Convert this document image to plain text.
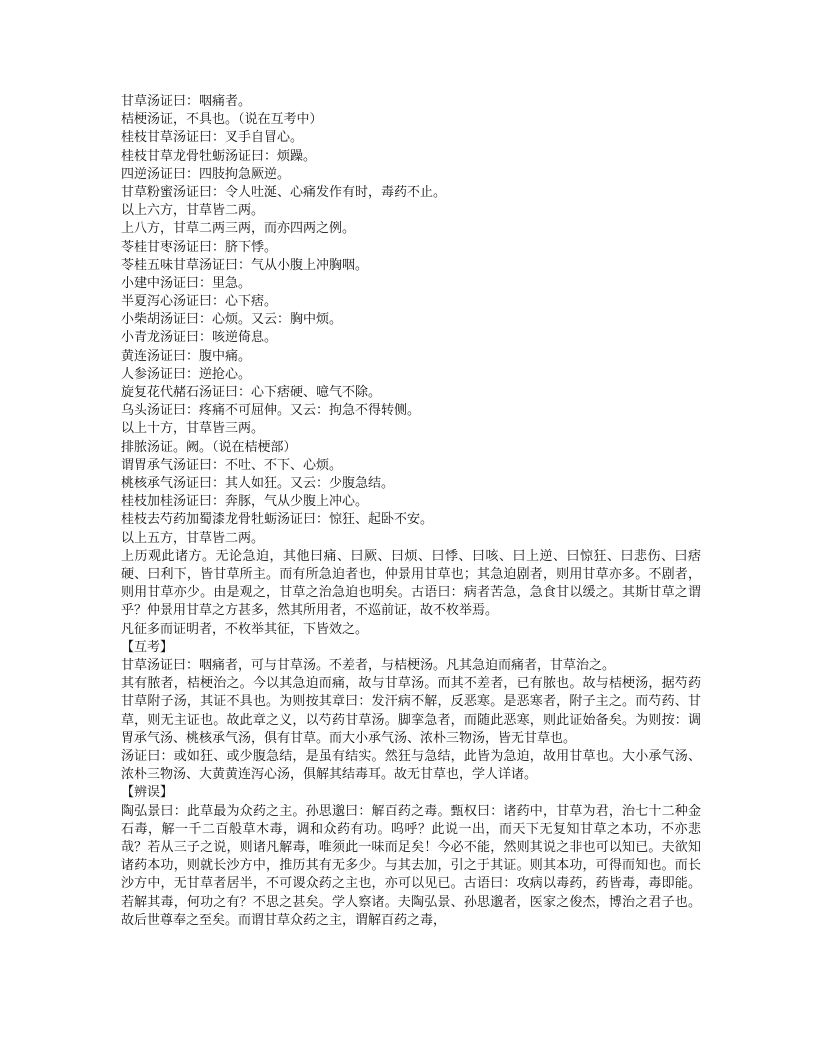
甘草汤证曰：咽痛者。
桔梗汤证，不具也。（说在互考中）
桂枝甘草汤证曰：叉手自冒心。
桂枝甘草龙骨牡蛎汤证曰：烦躁。
四逆汤证曰：四肢拘急厥逆。
甘草粉蜜汤证曰：令人吐涎、心痛发作有时，毒药不止。
以上六方，甘草皆二两。
上八方，甘草二两三两，而亦四两之例。
苓桂甘枣汤证曰：脐下悸。
苓桂五味甘草汤证曰：气从小腹上冲胸咽。
小建中汤证曰：里急。
半夏泻心汤证曰：心下痞。
小柴胡汤证曰：心烦。又云：胸中烦。
小青龙汤证曰：咳逆倚息。
黄连汤证曰：腹中痛。
人参汤证曰：逆抢心。
旋复花代赭石汤证曰：心下痞硬、噫气不除。
乌头汤证曰：疼痛不可屈伸。又云：拘急不得转侧。
以上十方，甘草皆三两。
排脓汤证。阙。（说在桔梗部）
谓胃承气汤证曰：不吐、不下、心烦。
桃核承气汤证曰：其人如狂。又云：少腹急结。
桂枝加桂汤证曰：奔豚，气从少腹上冲心。
桂枝去芍药加蜀漆龙骨牡蛎汤证曰：惊狂、起卧不安。
以上五方，甘草皆二两。
上历观此诸方。无论急迫，其他曰痛、曰厥、曰烦、曰悸、曰咳、曰上逆、曰惊狂、曰悲伤、曰痞硬、曰利下，皆甘草所主。而有所急迫者也，仲景用甘草也；其急迫剧者，则用甘草亦多。不剧者，则用甘草亦少。由是观之，甘草之治急迫也明矣。古语曰：病者苦急，急食甘以缓之。其斯甘草之谓乎？仲景用甘草之方甚多，然其所用者，不巡前证，故不枚举焉。
凡征多而证明者，不枚举其征，下皆效之。
【互考】
甘草汤证曰：咽痛者，可与甘草汤。不差者，与桔梗汤。凡其急迫而痛者，甘草治之。
其有脓者，桔梗治之。今以其急迫而痛，故与甘草汤。而其不差者，已有脓也。故与桔梗汤，据芍药甘草附子汤，其证不具也。为则按其章曰：发汗病不解，反恶寒。是恶寒者，附子主之。而芍药、甘草，则无主证也。故此章之义，以芍药甘草汤。脚挛急者，而随此恶寒，则此证始备矣。为则按：调胃承气汤、桃核承气汤，俱有甘草。而大小承气汤、浓朴三物汤，皆无甘草也。
汤证曰：或如狂、或少腹急结，是虽有结实。然狂与急结，此皆为急迫，故用甘草也。大小承气汤、浓朴三物汤、大黄黄连泻心汤，俱解其结毒耳。故无甘草也，学人详诸。
【辨误】
陶弘景曰：此草最为众药之主。孙思邈曰：解百药之毒。甄权曰：诸药中，甘草为君，治七十二种金石毒，解一千二百般草木毒，调和众药有功。呜呼？此说一出，而天下无复知甘草之本功，不亦悲哉？若从三子之说，则诸凡解毒，唯须此一味而足矣！今必不能，然则其说之非也可以知已。夫欲知诸药本功，则就长沙方中，推历其有无多少。与其去加，引之于其证。则其本功，可得而知也。而长沙方中，无甘草者居半，不可谡众药之主也，亦可以见已。古语曰：攻病以毒药，药皆毒，毒即能。若解其毒，何功之有？不思之甚矣。学人察诸。夫陶弘景、孙思邈者，医家之俊杰，博治之君子也。故后世尊奉之至矣。而谓甘草众药之主，谓解百药之毒，
